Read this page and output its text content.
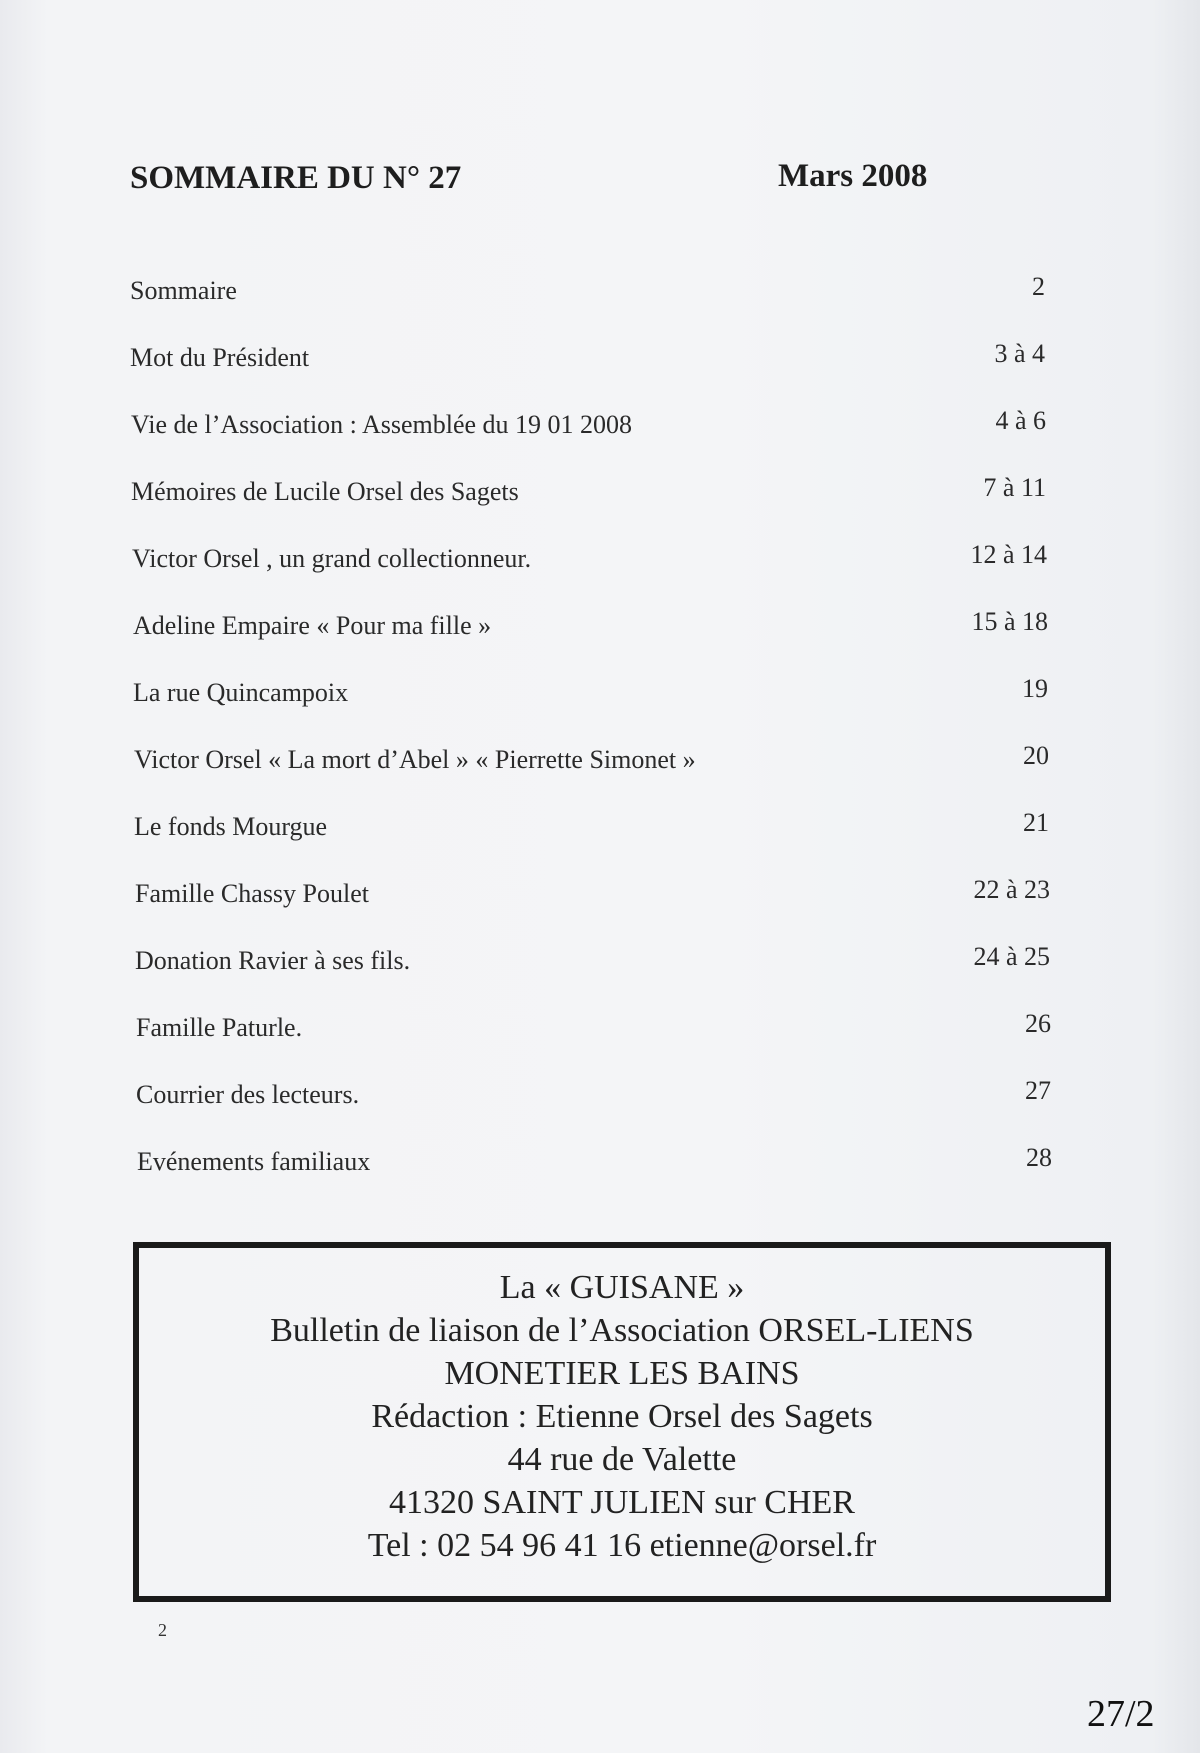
SOMMAIRE DU N° 27	Mars 2008
Sommaire	2
Mot du Président	3 à 4
Vie de l’Association : Assemblée du 19 01 2008	4 à 6
Mémoires de Lucile Orsel des Sagets	7 à 11
Victor Orsel , un grand collectionneur.	12 à 14
Adeline Empaire « Pour ma fille »	15 à 18
La rue Quincampoix	19
Victor Orsel « La mort d’Abel » « Pierrette Simonet »	20
Le fonds Mourgue	21
Famille Chassy Poulet	22 à 23
Donation Ravier à ses fils.	24 à 25
Famille Paturle.	26
Courrier des lecteurs.	27
Evénements familiaux	28
La « GUISANE »
Bulletin de liaison de l’Association ORSEL-LIENS
MONETIER LES BAINS
Rédaction : Etienne Orsel des Sagets
44 rue de Valette
41320 SAINT JULIEN sur CHER
Tel : 02 54 96 41 16 etienne@orsel.fr
2
27/2
